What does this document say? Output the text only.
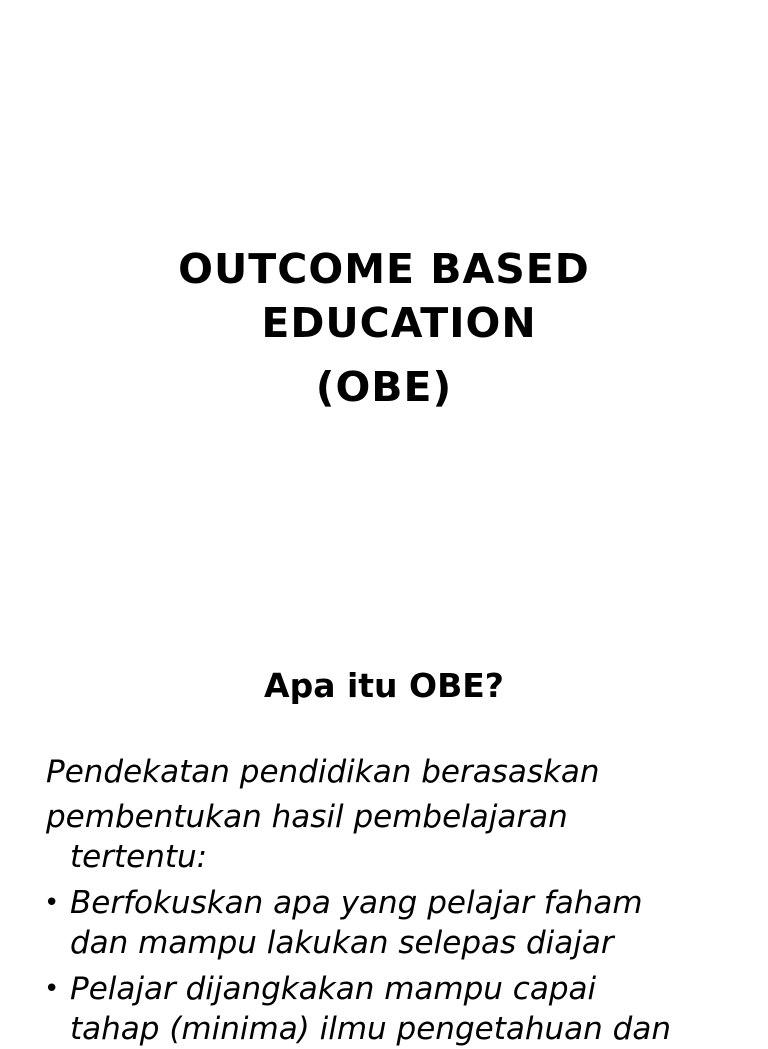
OUTCOME BASED
EDUCATION
(OBE)
Apa itu OBE?
Pendekatan pendidikan berasaskan
pembentukan hasil pembelajaran
tertentu:
• Berfokuskan apa yang pelajar faham
dan mampu lakukan selepas diajar
• Pelajar dijangkakan mampu capai
tahap (minima) ilmu pengetahuan dan
